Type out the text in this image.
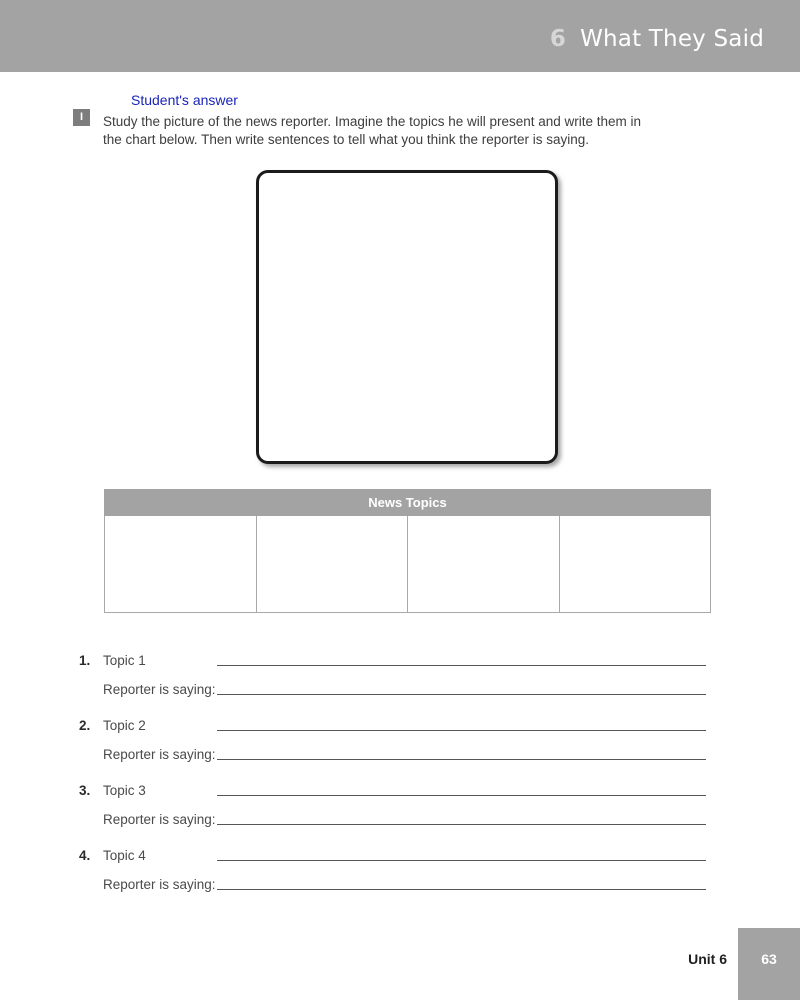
6 What They Said
Student's answer
I	Study the picture of the news reporter. Imagine the topics he will present and write them in the chart below. Then write sentences to tell what you think the reporter is saying.
News Topics

1. Topic 1
Reporter is saying:
2. Topic 2
Reporter is saying:
3. Topic 3
Reporter is saying:
4. Topic 4
Reporter is saying:
Unit 6	63
